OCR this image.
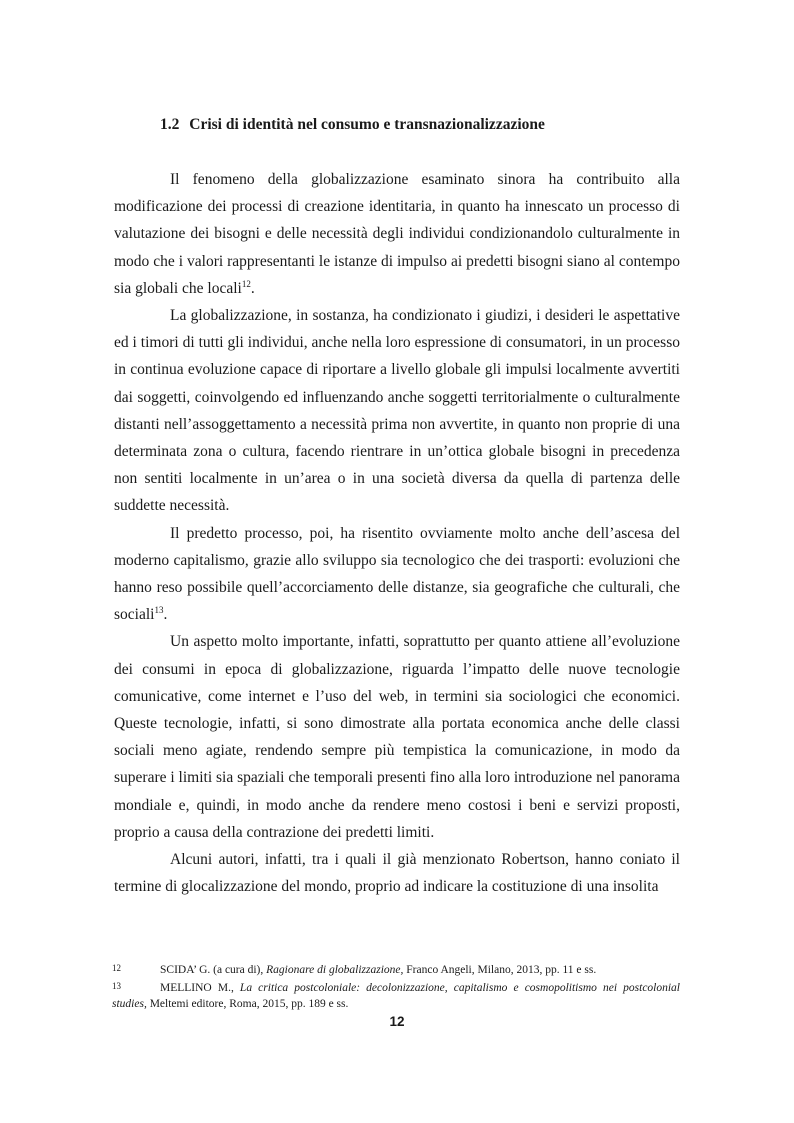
1.2 Crisi di identità nel consumo e transnazionalizzazione

Il fenomeno della globalizzazione esaminato sinora ha contribuito alla modificazione dei processi di creazione identitaria, in quanto ha innescato un processo di valutazione dei bisogni e delle necessità degli individui condizionandolo culturalmente in modo che i valori rappresentanti le istanze di impulso ai predetti bisogni siano al contempo sia globali che locali$^{12}$.

La globalizzazione, in sostanza, ha condizionato i giudizi, i desideri le aspettative ed i timori di tutti gli individui, anche nella loro espressione di consumatori, in un processo in continua evoluzione capace di riportare a livello globale gli impulsi localmente avvertiti dai soggetti, coinvolgendo ed influenzando anche soggetti territorialmente o culturalmente distanti nell’assoggettamento a necessità prima non avvertite, in quanto non proprie di una determinata zona o cultura, facendo rientrare in un’ottica globale bisogni in precedenza non sentiti localmente in un’area o in una società diversa da quella di partenza delle suddette necessità.

Il predetto processo, poi, ha risentito ovviamente molto anche dell’ascesa del moderno capitalismo, grazie allo sviluppo sia tecnologico che dei trasporti: evoluzioni che hanno reso possibile quell’accorciamento delle distanze, sia geografiche che culturali, che sociali$^{13}$.

Un aspetto molto importante, infatti, soprattutto per quanto attiene all’evoluzione dei consumi in epoca di globalizzazione, riguarda l’impatto delle nuove tecnologie comunicative, come internet e l’uso del web, in termini sia sociologici che economici. Queste tecnologie, infatti, si sono dimostrate alla portata economica anche delle classi sociali meno agiate, rendendo sempre più tempistica la comunicazione, in modo da superare i limiti sia spaziali che temporali presenti fino alla loro introduzione nel panorama mondiale e, quindi, in modo anche da rendere meno costosi i beni e servizi proposti, proprio a causa della contrazione dei predetti limiti.

Alcuni autori, infatti, tra i quali il già menzionato Robertson, hanno coniato il termine di glocalizzazione del mondo, proprio ad indicare la costituzione di una insolita

12	SCIDA’ G. (a cura di), Ragionare di globalizzazione, Franco Angeli, Milano, 2013, pp. 11 e ss.

13	MELLINO M., La critica postcoloniale: decolonizzazione, capitalismo e cosmopolitismo nei postcolonial studies, Meltemi editore, Roma, 2015, pp. 189 e ss.

12
